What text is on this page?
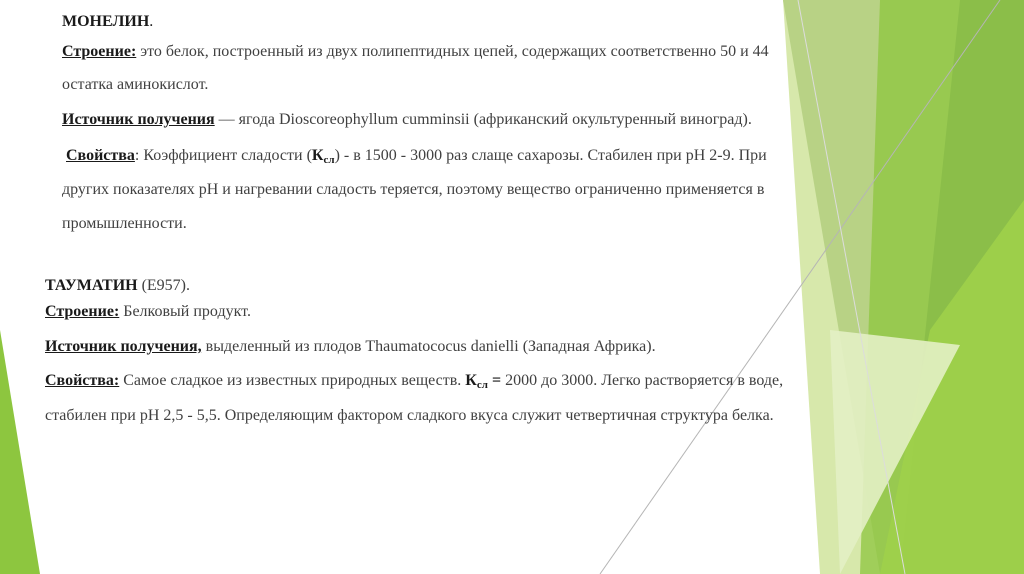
МОНЕЛИН.
Строение: это белок, построенный из двух полипептидных цепей, содержащих соответственно 50 и 44
остатка аминокислот.
Источник получения — ягода Dioscoreophyllum cumminsii (африканский окультуренный виноград).
Свойства: Коэффициент сладости $(К_{сл})$ - в 1500 - 3000 раз слаще сахарозы. Стабилен при pH 2-9. При
других показателях pH и нагревании сладость теряется, поэтому вещество ограниченно применяется в
промышленности.
ТАУМАТИН (E957).
Строение: Белковый продукт.
Источник получения, выделенный из плодов Thaumatococus danielli (Западная Африка).
Свойства: Самое сладкое из известных природных веществ. $К_{сл} = 2000$ до 3000. Легко растворяется в воде,
стабилен при pH 2,5 - 5,5. Определяющим фактором сладкого вкуса служит четвертичная структура белка.
